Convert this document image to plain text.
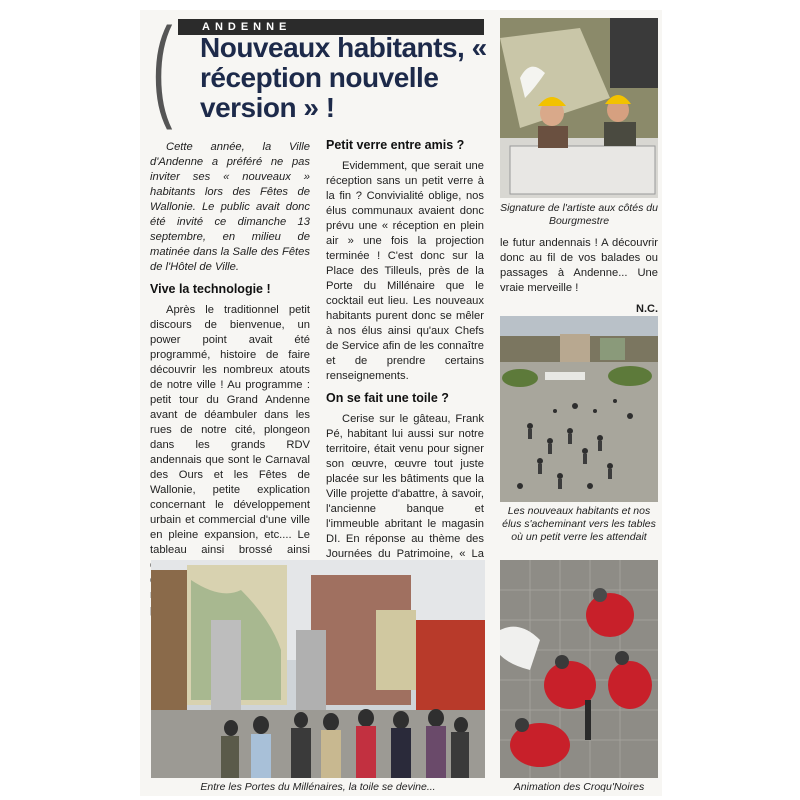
(	ANDENNE
Nouveaux habitants, « réception nouvelle version » !

Cette année, la Ville d'Andenne a préféré ne pas inviter ses « nouveaux » habitants lors des Fêtes de Wallonie. Le public avait donc été invité ce dimanche 13 septembre, en milieu de matinée dans la Salle des Fêtes de l'Hôtel de Ville.

Vive la technologie !

Après le traditionnel petit discours de bienvenue, un power point avait été programmé, histoire de faire découvrir les nombreux atouts de notre ville ! Au programme : petit tour du Grand Andenne avant de déambuler dans les rues de notre cité, plongeon dans les grands RDV andennais que sont le Carnaval des Ours et les Fêtes de Wallonie, petite explication concernant le développement urbain et commercial d'une ville en pleine expansion, etc.... Le tableau ainsi brossé ainsi

Petit verre entre amis ?

Evidemment, que serait une réception sans un petit verre à la fin ? Convivialité oblige, nos élus communaux avaient donc prévu une « réception en plein air » une fois la projection terminée ! C'est donc sur la Place des Tilleuls, près de la Porte du Millénaire que le cocktail eut lieu. Les nouveaux habitants purent donc se mêler à nos élus ainsi qu'aux Chefs de Service afin de les connaître et de prendre certains renseignements.

On se fait une toile ?

Cerise sur le gâteau, Frank Pé, habitant lui aussi sur notre territoire, était venu pour signer son œuvre, œuvre tout juste placée sur les bâtiments que la Ville projette d'abattre, à savoir, l'ancienne banque et l'immeuble abritant le magasin DI. En réponse au thème des Journées du Patrimoine, « La

Signature de l'artiste aux côtés du Bourgmestre

le futur andennais ! A découvrir donc au fil de vos balades ou passages à Andenne... Une vraie merveille !

N.C.
Les nouveaux habitants et nos élus s'acheminant vers les tables où un petit verre les attendait
Entre les Portes du Millénaires, la toile se devine...	Animation des Croqu'Noires
